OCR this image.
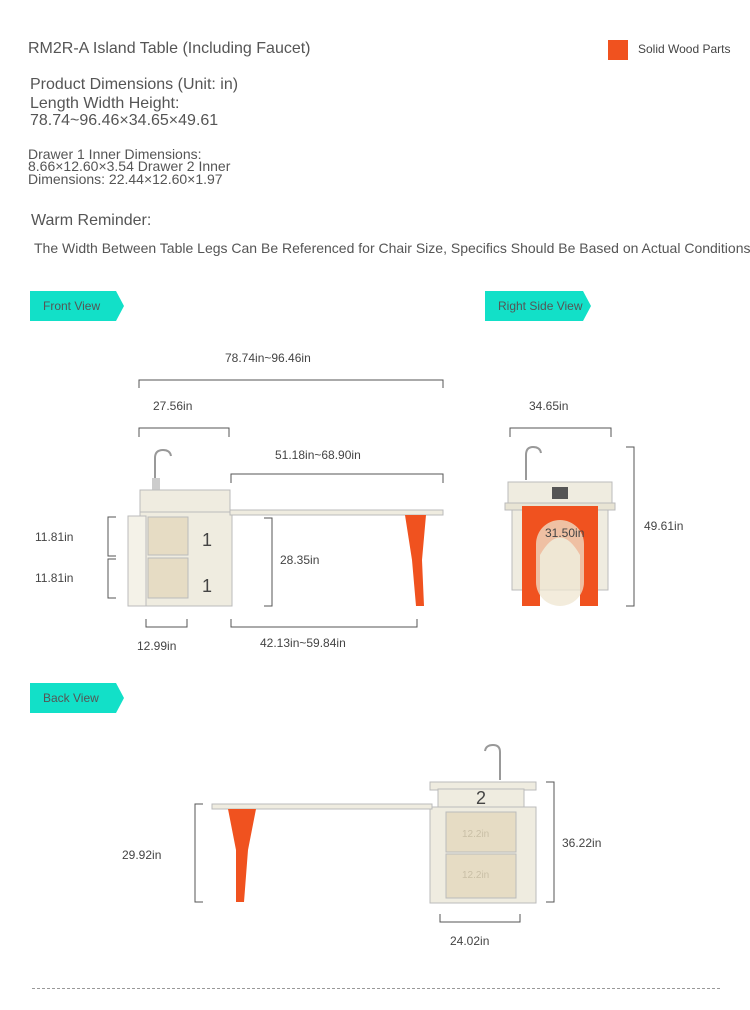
RM2R-A Island Table (Including Faucet)	Solid Wood Parts
Product Dimensions (Unit: in)
Length Width Height:
78.74~96.46×34.65×49.61
Drawer 1 Inner Dimensions:
8.66×12.60×3.54 Drawer 2 Inner
Dimensions: 22.44×12.60×1.97
Warm Reminder:
The Width Between Table Legs Can Be Referenced for Chair Size, Specifics Should Be Based on Actual Conditions
Front View	Right Side View
Back View
78.74in~96.46in
27.56in
51.18in~68.90in
11.81in
11.81in
28.35in
12.99in	42.13in~59.84in
1
1
34.65in
49.61in
31.50in
29.92in
36.22in
24.02in
2
12.2in
12.2in
